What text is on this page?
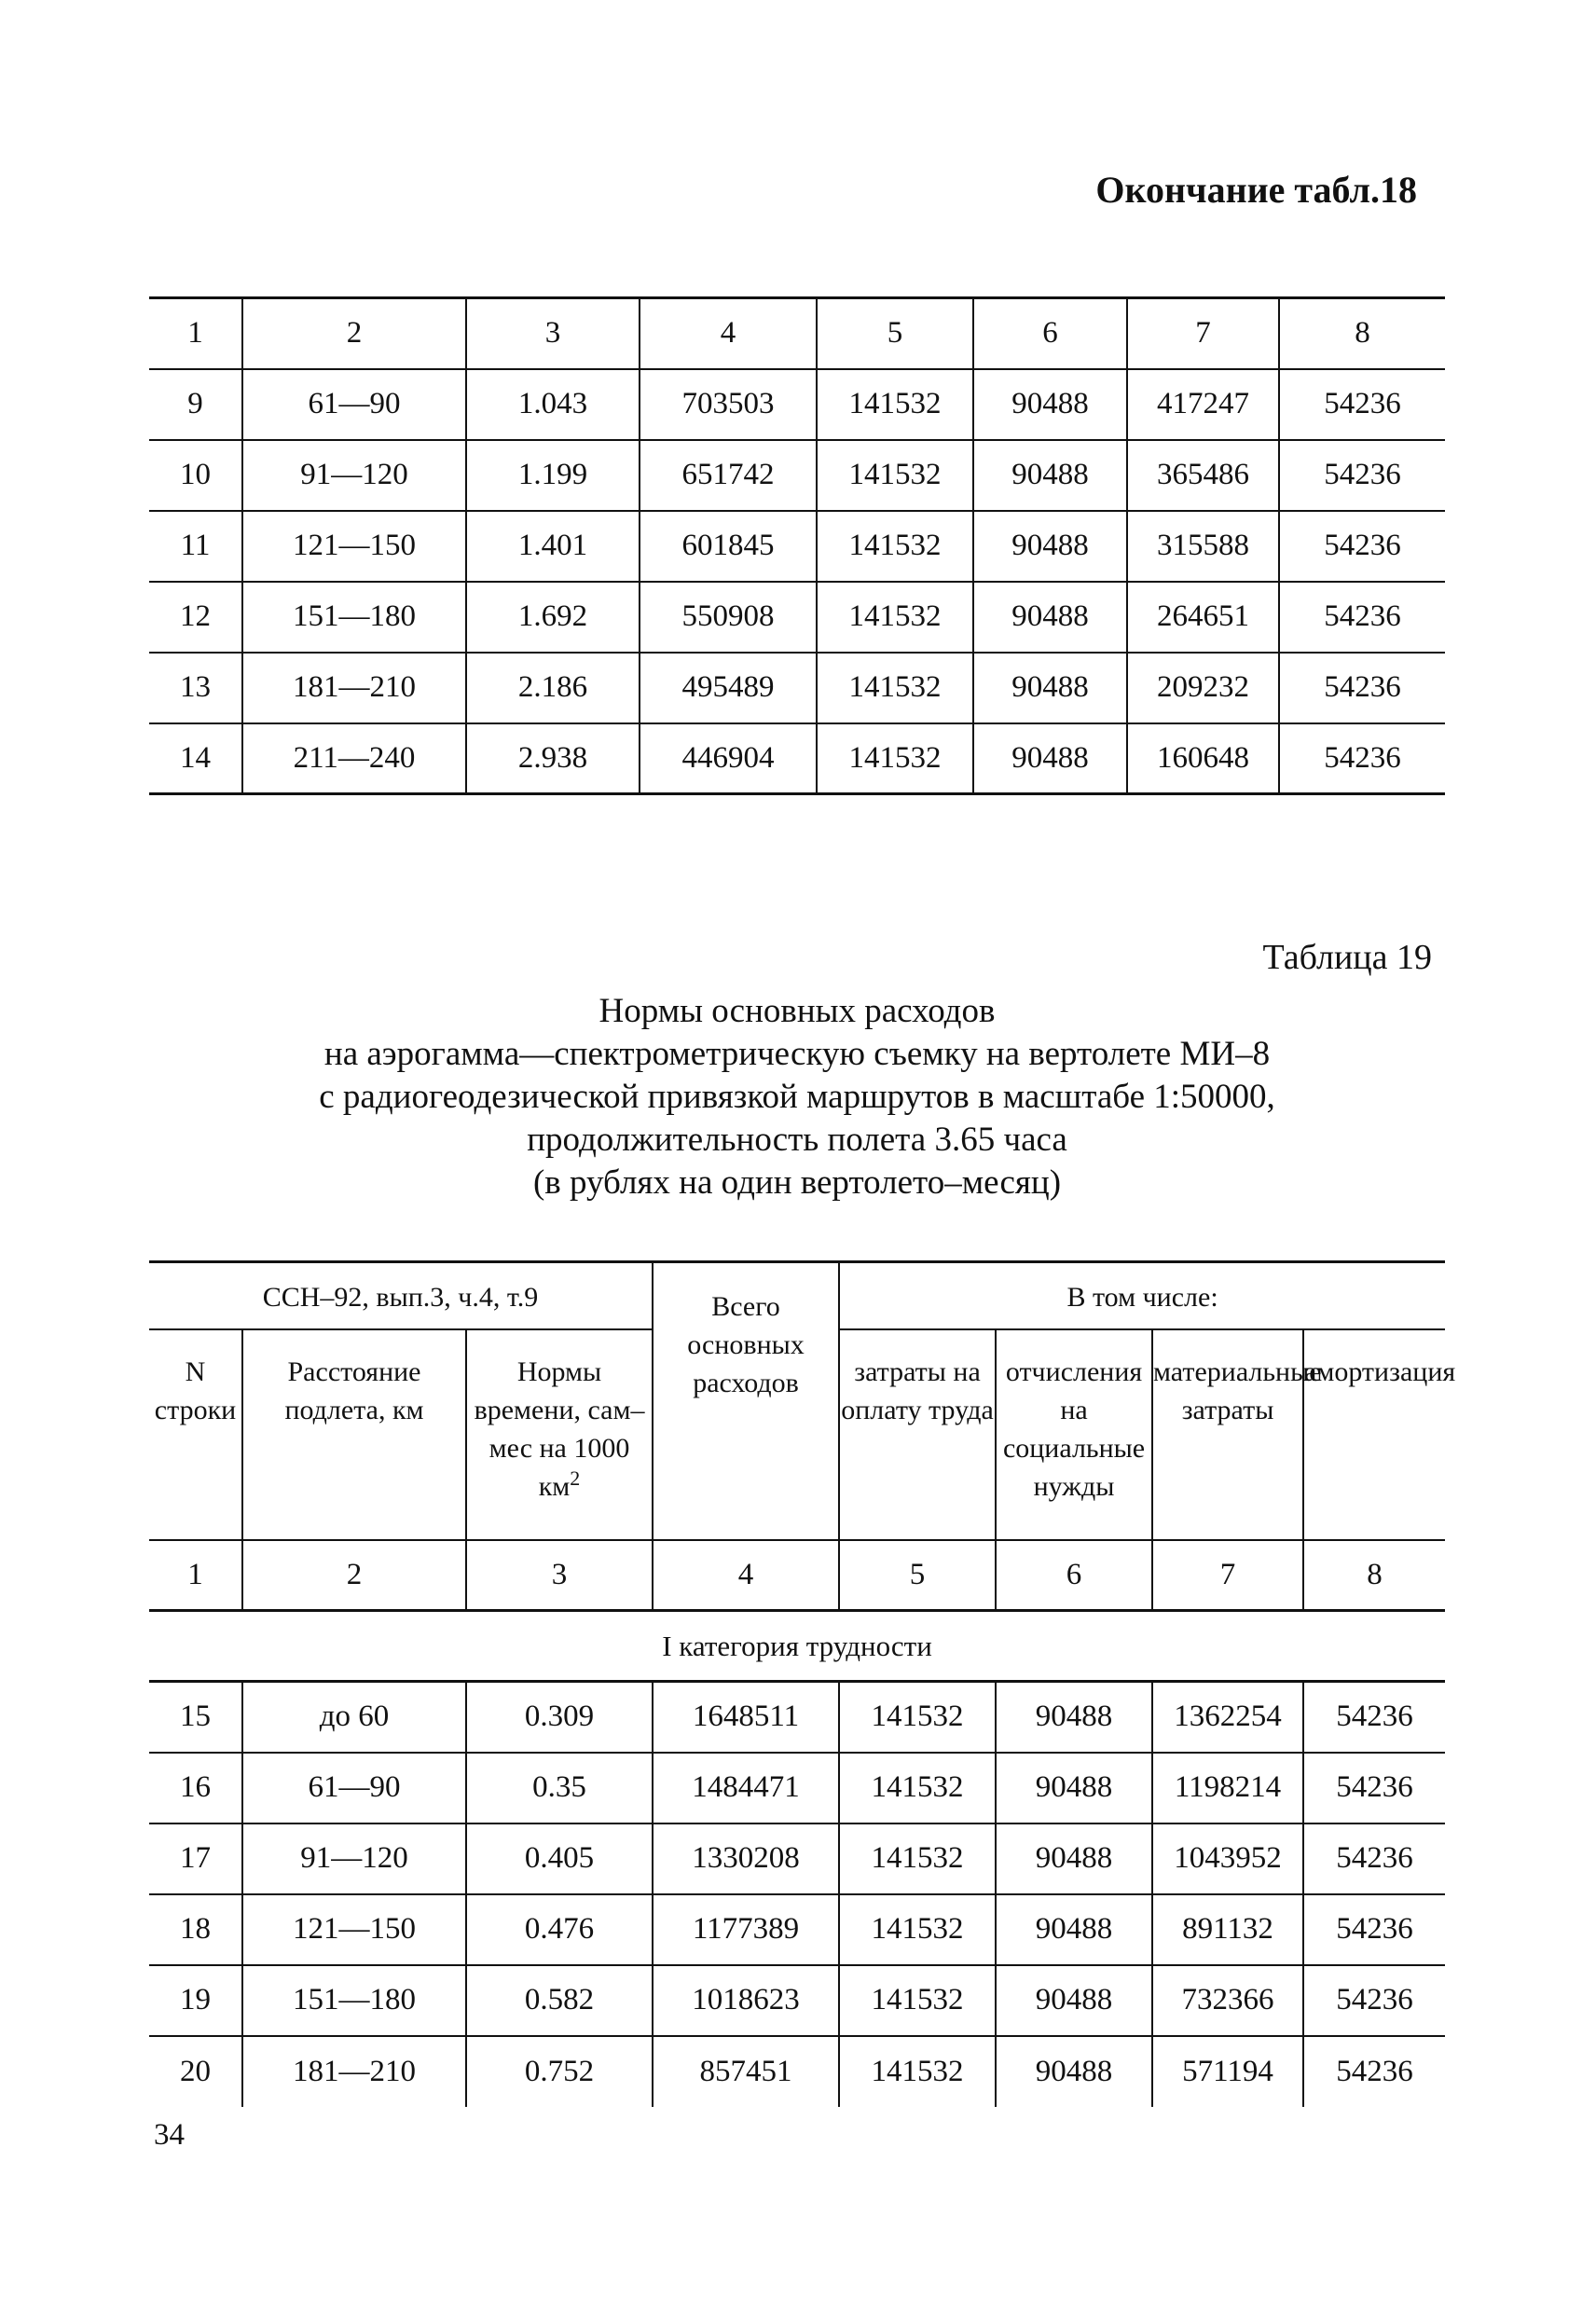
Окончание табл.18
1	2	3	4	5	6	7	8
9	61—90	1.043	703503	141532	90488	417247	54236
10	91—120	1.199	651742	141532	90488	365486	54236
11	121—150	1.401	601845	141532	90488	315588	54236
12	151—180	1.692	550908	141532	90488	264651	54236
13	181—210	2.186	495489	141532	90488	209232	54236
14	211—240	2.938	446904	141532	90488	160648	54236
Таблица 19
Нормы основных расходов
на аэрогамма—спектрометрическую съемку на вертолете МИ–8
с радиогеодезической привязкой маршрутов в масштабе 1:50000,
продолжительность полета 3.65 часа
(в рублях на один вертолето–месяц)
ССН–92, вып.3, ч.4, т.9			Всего основных расходов	В том числе:			
N строки	Расстояние подлета, км	Нормы времени, сам–мес на 1000 $км^2$		затраты на оплату труда	отчисления на социальные нужды	материальные затраты	амортизация
1	2	3	4	5	6	7	8
I категория трудности							
15	до 60	0.309	1648511	141532	90488	1362254	54236
16	61—90	0.35	1484471	141532	90488	1198214	54236
17	91—120	0.405	1330208	141532	90488	1043952	54236
18	121—150	0.476	1177389	141532	90488	891132	54236
19	151—180	0.582	1018623	141532	90488	732366	54236
20	181—210	0.752	857451	141532	90488	571194	54236
34
